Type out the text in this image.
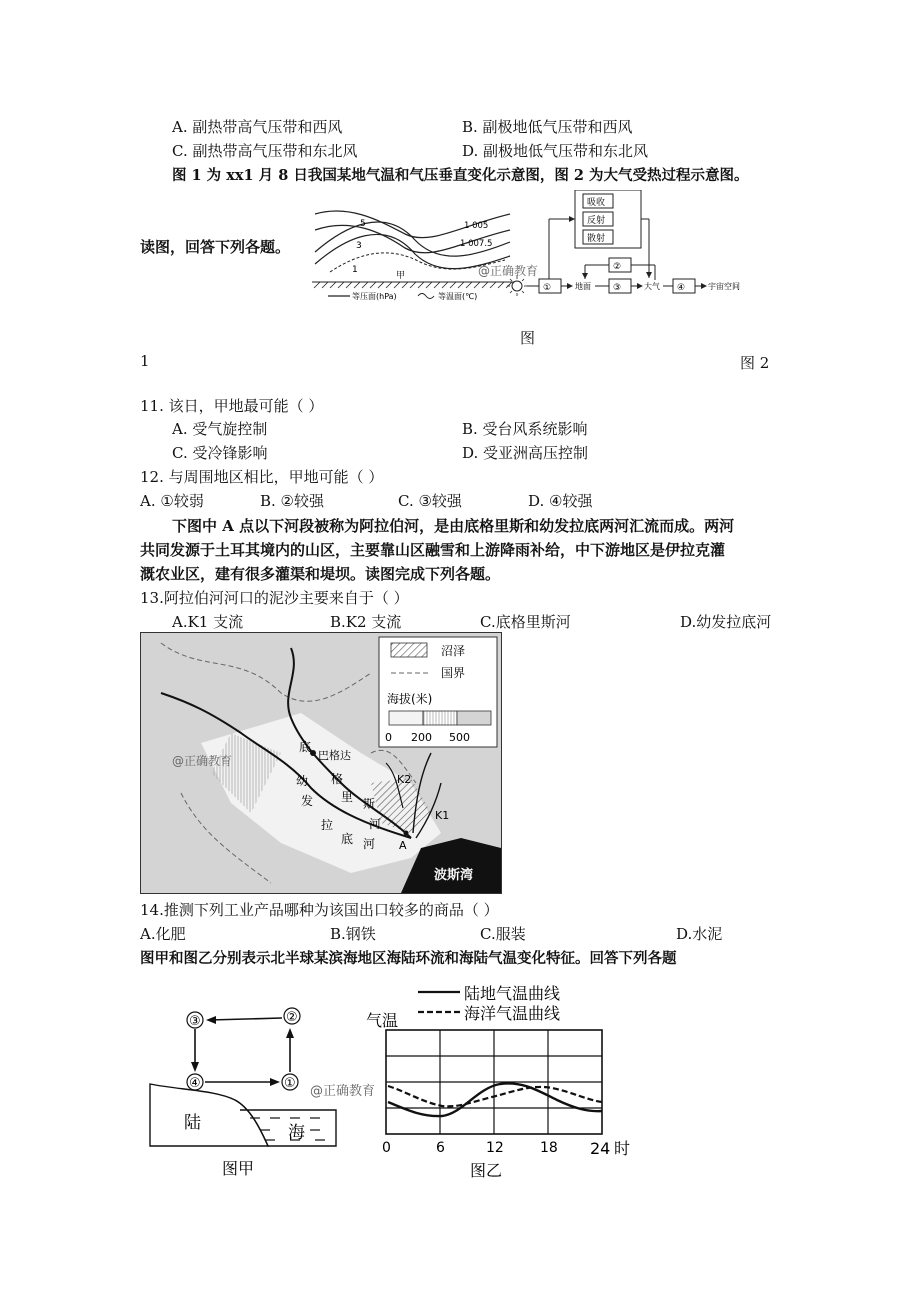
A. 副热带高气压带和西风	B. 副极地低气压带和西风
C. 副热带高气压带和东北风	D. 副极地低气压带和东北风
图 1 为 xx1 月 8 日我国某地气温和气压垂直变化示意图，图 2 为大气受热过程示意图。
读图，回答下列各题。
5
3
1
1 005
1 007.5
甲
等压面(hPa)	等温面(℃)
@正确教育
吸收
反射
散射
①	地面 ③	大气
②
④	宇宙空间
图
1	图 2
11. 该日，甲地最可能（ ）
A. 受气旋控制	B. 受台风系统影响
C. 受冷锋影响	D. 受亚洲高压控制
12. 与周围地区相比，甲地可能（ ）
A. ①较弱	B. ②较强	C. ③较强	D. ④较强
下图中 A 点以下河段被称为阿拉伯河，是由底格里斯和幼发拉底两河汇流而成。两河
共同发源于土耳其境内的山区，主要靠山区融雪和上游降雨补给，中下游地区是伊拉克灌
溉农业区，建有很多灌渠和堤坝。读图完成下列各题。
13.阿拉伯河河口的泥沙主要来自于（ ）
A.K1 支流	B.K2 支流	C.底格里斯河	D.幼发拉底河
波斯湾
巴格达
底
格
里 斯
河
幼
发
拉
底 河
K2
K1
A
沼泽
国界
海拔(米)
0 200 500
@正确教育
14.推测下列工业产品哪种为该国出口较多的商品（ ）
A.化肥	B.钢铁	C.服装	D.水泥
图甲和图乙分别表示北半球某滨海地区海陆环流和海陆气温变化特征。回答下列各题
③	②
④	①
陆	海
图甲
@正确教育
陆地气温曲线
海洋气温曲线
气温
0	6	12	18 24 时
图乙
